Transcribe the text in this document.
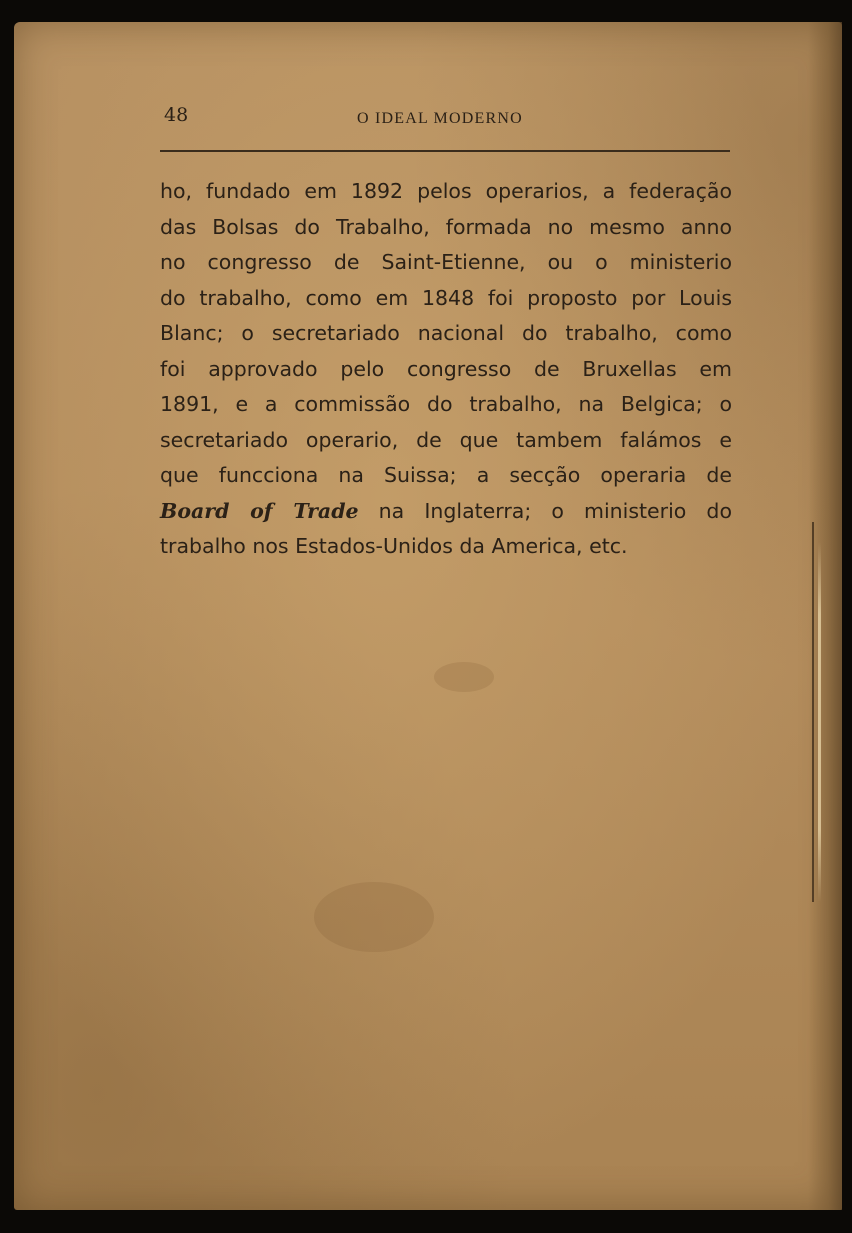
48	O IDEAL MODERNO
ho, fundado em 1892 pelos operarios, a federação
das Bolsas do Trabalho, formada no mesmo anno
no congresso de Saint-Etienne, ou o ministerio
do trabalho, como em 1848 foi proposto por Louis
Blanc; o secretariado nacional do trabalho, como
foi approvado pelo congresso de Bruxellas em
1891, e a commissão do trabalho, na Belgica; o
secretariado operario, de que tambem falámos e
que funcciona na Suissa; a secção operaria de
Board of Trade na Inglaterra; o ministerio do
trabalho nos Estados-Unidos da America, etc.
